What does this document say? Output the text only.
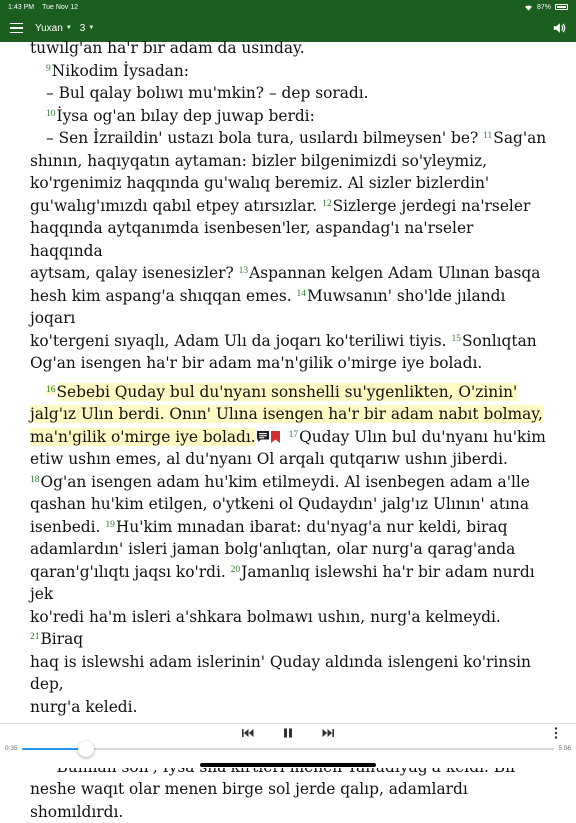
1:43 PM Tue Nov 12	87%
Yuxan ▼ 3 ▼
tuwılg'an ha'r bır adam da usınday.
$^9$Nikodim İysadan:
– Bul qalay bolıwı mu'mkin? – dep soradı.
$^{10}$İysa og'an bılay dep juwap berdi:
– Sen İzraildin' ustazı bola tura, usılardı bilmeysen' be? $^{11}$Sag'an
shının, haqıyqatın aytaman: bizler bilgenimizdi so'yleymiz,
ko'rgenimiz haqqında gu'walıq beremiz. Al sizler bizlerdin'
gu'walıg'ımızdı qabıl etpey atırsızlar. $^{12}$Sizlerge jerdegi na'rseler
haqqında aytqanımda isenbesen'ler, aspandag'ı na'rseler haqqında
aytsam, qalay isenesizler? $^{13}$Aspannan kelgen Adam Ulınan basqa
hesh kim aspang'a shıqqan emes. $^{14}$Muwsanın' sho'lde jılandı joqarı
ko'tergeni sıyaqlı, Adam Ulı da joqarı ko'teriliwi tiyis. $^{15}$Sonlıqtan
Og'an isengen ha'r bir adam ma'n'gilik o'mirge iye boladı.
$^{16}$Sebebi Quday bul du'nyanı sonshelli su'ygenlikten, O'zinin'
jalg'ız Ulın berdi. Onın' Ulına isengen ha'r bir adam nabıt bolmay,
ma'n'gilik o'mirge iye boladı.	$^{17}$Quday Ulın bul du'nyanı hu'kim
etiw ushın emes, al du'nyanı Ol arqalı qutqarıw ushın jiberdi.
$^{18}$Og'an isengen adam hu'kim etilmeydi. Al isenbegen adam a'lle
qashan hu'kim etilgen, o'ytkeni ol Qudaydın' jalg'ız Ulının' atına
isenbedi. $^{19}$Hu'kim mınadan ibarat: du'nyag'a nur keldi, biraq
adamlardın' isleri jaman bolg'anlıqtan, olar nurg'a qarag'anda
qaran'g'ılıqtı jaqsı ko'rdi. $^{20}$Jamanlıq islewshi ha'r bir adam nurdı jek
ko'redi ha'm isleri a'shkara bolmawı ushın, nurg'a kelmeydi. $^{21}$Biraq
haq is islewshi adam islerinin' Quday aldında islengeni ko'rinsin dep,
nurg'a keledi.
neshe waqıt olar menen birge sol jerde qalıp, adamlardı shomıldırdı.
0:35	5:06
